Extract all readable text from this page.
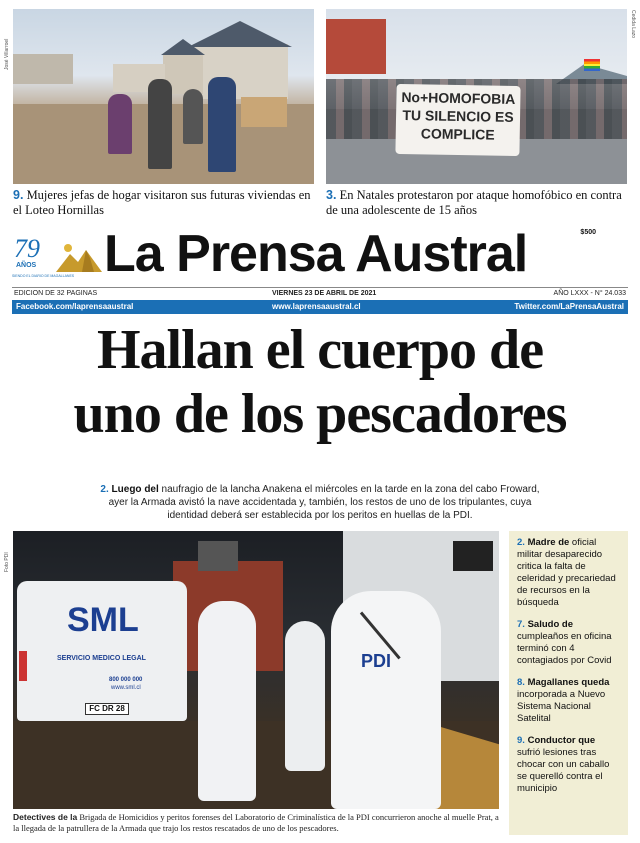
José Villarroel
No+HOMOFOBIA
TU SILENCIO ES
COMPLICE
Cedida Lazo
9. Mujeres jefas de hogar visitaron sus futuras viviendas en el Loteo Hornillas
3. En Natales protestaron por ataque homofóbico en contra de una adolescente de 15 años
79
AÑOS
SIENDO EL DIARIO DE MAGALLANES La Prensa Austral	$500
EDICION DE 32 PAGINAS	VIERNES 23 DE ABRIL DE 2021	AÑO LXXX - N° 24.033
Facebook.com/laprensaaustral	www.laprensaaustral.cl	Twitter.com/LaPrensaAustral
Hallan el cuerpo de
uno de los pescadores
2. Luego del naufragio de la lancha Anakena el miércoles en la tarde en la zona del cabo Froward, ayer la Armada avistó la nave accidentada y, también, los restos de uno de los tripulantes, cuya identidad deberá ser establecida por los peritos en huellas de la PDI.
SML
SERVICIO MEDICO LEGAL
800 000 000
www.sml.cl
FC DR 28
PDI
Foto PDI
2. Madre de oficial militar desaparecido critica la falta de celeridad y precariedad de recursos en la búsqueda
7. Saludo de cumpleaños en oficina terminó con 4 contagiados por Covid
8. Magallanes queda incorporada a Nuevo Sistema Nacional Satelital
9. Conductor que sufrió lesiones tras chocar con un caballo se querelló contra el municipio
Detectives de la Brigada de Homicidios y peritos forenses del Laboratorio de Criminalística de la PDI concurrieron anoche al muelle Prat, a la llegada de la patrullera de la Armada que trajo los restos rescatados de uno de los pescadores.
